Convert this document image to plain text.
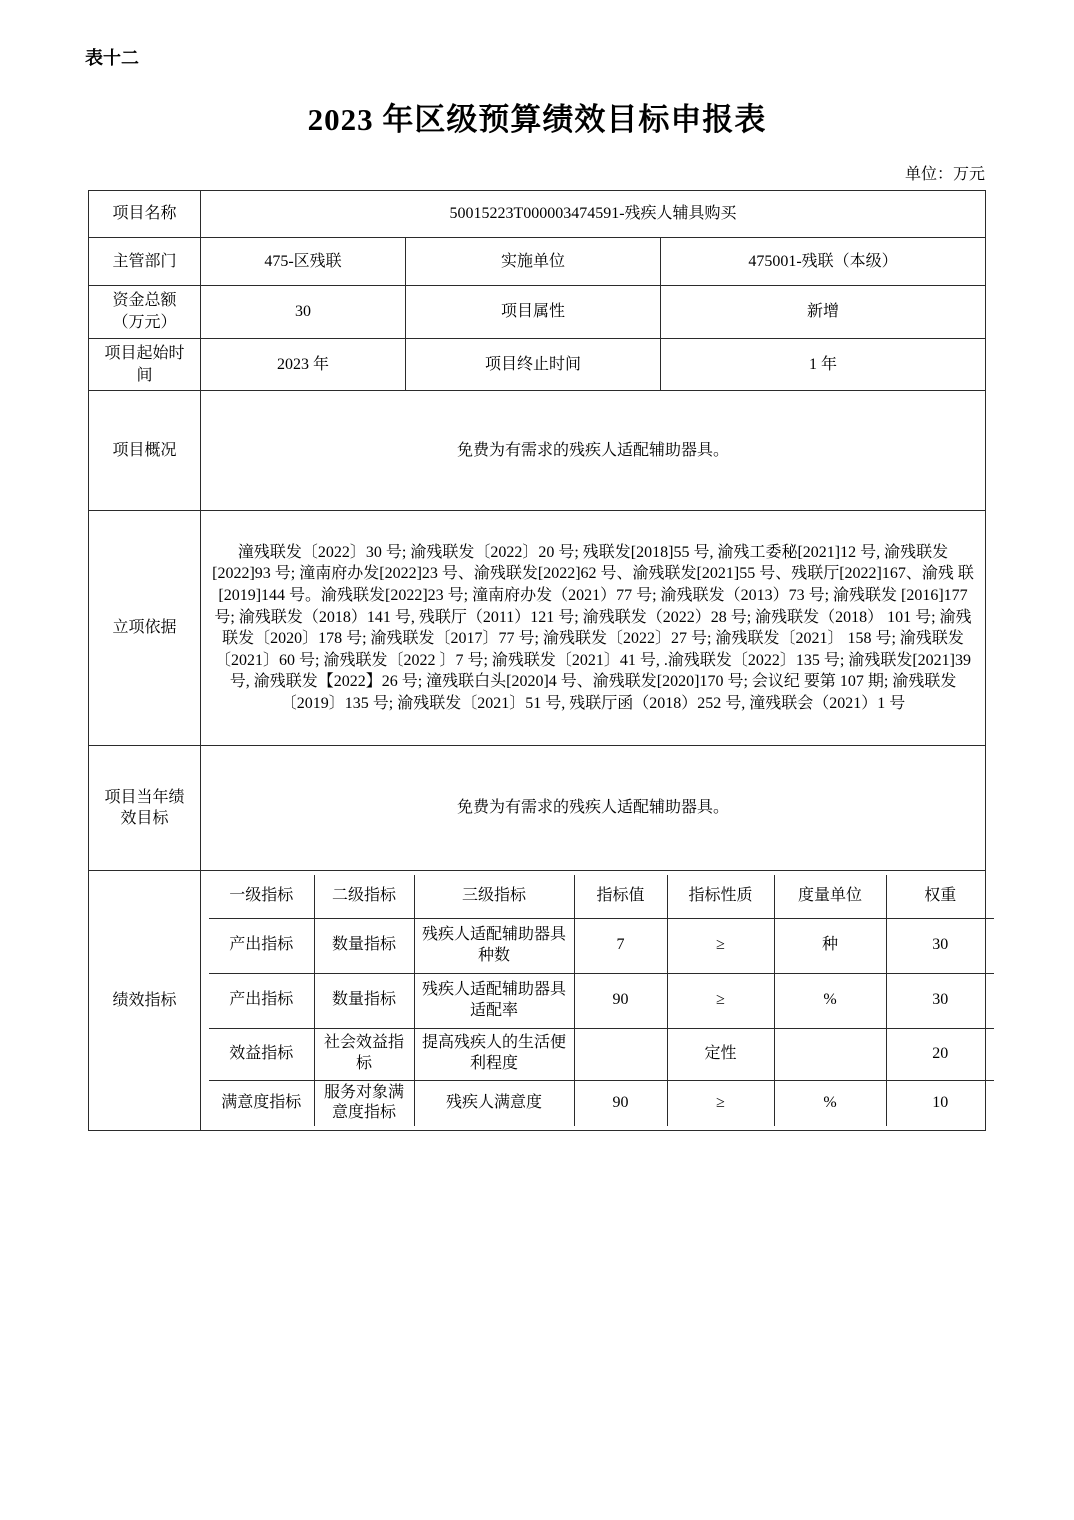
表十二
2023 年区级预算绩效目标申报表
单位：万元
项目名称	50015223T000003474591-残疾人辅具购买
主管部门	475-区残联	实施单位	475001-残联（本级）
资金总额（万元）	30	项目属性	新增
项目起始时间	2023 年	项目终止时间	1 年
项目概况	免费为有需求的残疾人适配辅助器具。
立项依据	潼残联发〔2022〕30 号; 渝残联发〔2022〕20 号; 残联发[2018]55 号, 渝残工委秘[2021]12 号, 渝残联发 [2022]93 号; 潼南府办发[2022]23 号、渝残联发[2022]62 号、渝残联发[2021]55 号、残联厅[2022]167、渝残 联[2019]144 号。渝残联发[2022]23 号; 潼南府办发（2021）77 号; 渝残联发（2013）73 号; 渝残联发 [2016]177 号; 渝残联发（2018）141 号, 残联厅（2011）121 号; 渝残联发（2022）28 号; 渝残联发（2018） 101 号; 渝残联发〔2020〕178 号; 渝残联发〔2017〕77 号; 渝残联发〔2022〕27 号; 渝残联发〔2021〕 158 号; 渝残联发〔2021〕60 号; 渝残联发〔2022 〕7 号; 渝残联发〔2021〕41 号, .渝残联发〔2022〕135 号; 渝残联发[2021]39 号, 渝残联发【2022】26 号; 潼残联白头[2020]4 号、渝残联发[2020]170 号; 会议纪 要第 107 期; 渝残联发〔2019〕135 号; 渝残联发〔2021〕51 号, 残联厅函（2018）252 号, 潼残联会（2021）1 号
项目当年绩效目标	免费为有需求的残疾人适配辅助器具。
绩效指标	
一级指标	二级指标	三级指标	指标值	指标性质	度量单位	权重
产出指标	数量指标	残疾人适配辅助器具种数	7	≥	种	30
产出指标	数量指标	残疾人适配辅助器具适配率	90	≥	%	30
效益指标	社会效益指标	提高残疾人的生活便利程度		定性		20
满意度指标	服务对象满意度指标	残疾人满意度	90	≥	%	10
